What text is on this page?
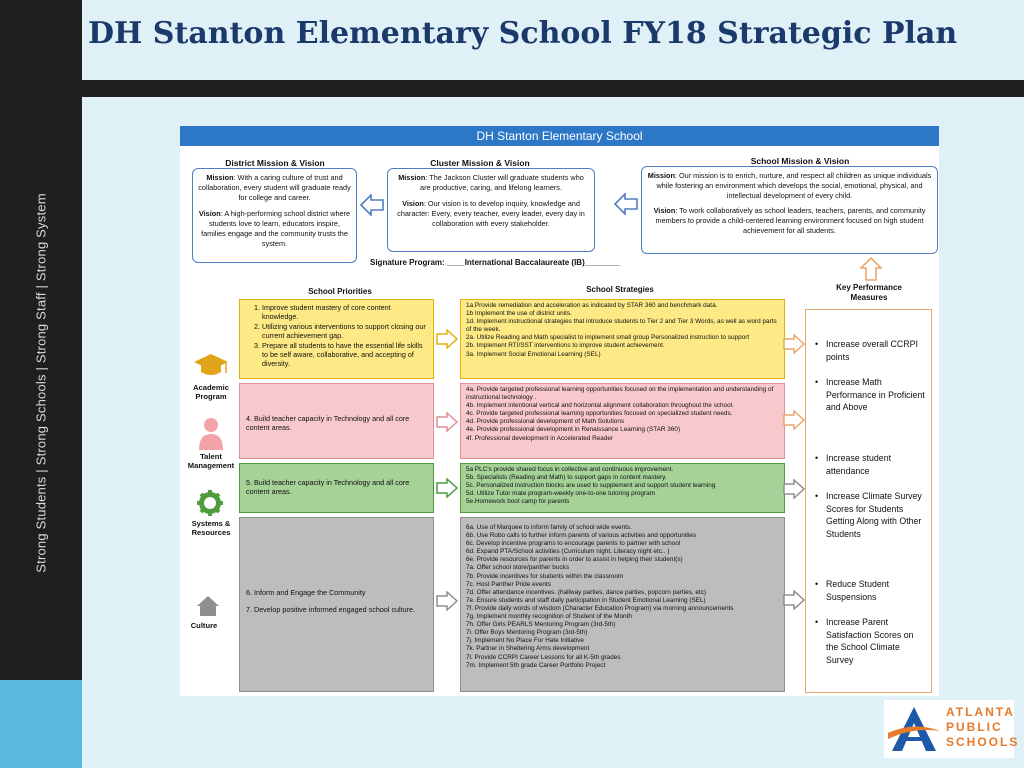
Strong Students | Strong Schools | Strong Staff | Strong System
DH Stanton Elementary School FY18 Strategic Plan
DH Stanton Elementary School
District Mission & Vision
Mission: With a caring culture of trust and collaboration, every student will graduate ready for college and career.
Vision: A high-performing school district where students love to learn, educators inspire, families engage and the community trusts the system.
Cluster Mission & Vision
Mission: The Jackson Cluster will graduate students who are productive, caring, and lifelong learners.
Vision: Our vision is to develop inquiry, knowledge and character: Every, every teacher, every leader, every day in collaboration with every stakeholder.
School Mission & Vision
Mission: Our mission is to enrich, nurture, and respect all children as unique individuals while fostering an environment which develops the social, emotional, physical, and intellectual development of every child.
Vision: To work collaboratively as school leaders, teachers, parents, and community members to provide a child-centered learning environment focused on high student achievement for all students.
Signature Program: ____International Baccalaureate (IB)________
School Priorities	School Strategies	Key Performance Measures
Academic Program
Talent Management
Systems & Resources
Culture
1. Improve student mastery of core content knowledge.
2. Utilizing various interventions to support closing our current achievement gap.
3. Prepare all students to have the essential life skills to be self aware, collaborative, and accepting of diversity.
4. Build teacher capacity in Technology and all core content areas.
5. Build teacher capacity in Technology and all core content areas.
6. Inform and Engage the Community
7. Develop positive informed engaged school culture.
1a.Provide remediation and acceleration as indicated by STAR 360 and benchmark data.
1b Implement the use of district units.
1d. Implement instructional strategies that introduce students to Tier 2 and Tier 3 Words, as well as word parts of the week.
2a. Utilize Reading and Math specialist to implement small group Personalized instruction to support
2b. Implement RTI/SST interventions to improve student achievement.
3a. Implement Social Emotional Learning (SEL)
4a. Provide targeted professional learning opportunities focused on the implementation and understanding of instructional technology .
4b. Implement intentional vertical and horizontal alignment collaboration throughout the school.
4c. Provide targeted professional learning opportunities focused on specialized student needs.
4d. Provide professional development of Math Solutions
4e. Provide professional development in Renaissance Learning (STAR 360)
4f. Professional development in Accelerated Reader
5a PLC's provide shared focus in collective and continuous improvement.
5b. Specialists (Reading and Math) to support gaps in content mastery.
5c. Personalized instruction blocks are used to supplement and support student learning
5d. Utilize Tutor mate program-weekly one-to-one tutoring program
5e.Homework boot camp for parents
6a. Use of Marquee to inform family of school wide events.
6b. Use Robo calls to further inform parents of various activities and opportunities
6c. Develop incentive programs to encourage parents to partner with school
6d. Expand PTA/School activities (Curriculum night, Literacy night etc.. )
6e. Provide resources for parents in order to assist in helping their student(s)
7a. Offer school store/panther bucks
7b. Provide incentives for students within the classroom
7c. Host Panther Pride events
7d. Offer attendance incentives. (hallway parties, dance parties, popcorn parties, etc)
7e. Ensure students and staff daily participation in Student Emotional Learning (SEL)
7f. Provide daily words of wisdom (Character Education Program) via morning announcements
7g. Implement monthly recognition of Student of the Month
7h. Offer Girls PEARLS Mentoring Program (3rd-5th)
7i. Offer Boys Mentoring Program (3rd-5th)
7j. Implement No Place For Hate Initiative
7k. Partner in Sheltering Arms development
7l. Provide CCRPI Career Lessons for all K-5th grades
7m. Implement 5th grade Career Portfolio Project
• Increase overall CCRPI points
• Increase Math Performance in Proficient and Above
• Increase student attendance
• Increase Climate Survey Scores for Students Getting Along with Other Students
• Reduce Student Suspensions
• Increase Parent Satisfaction Scores on the School Climate Survey
ATLANTA
PUBLIC
SCHOOLS
